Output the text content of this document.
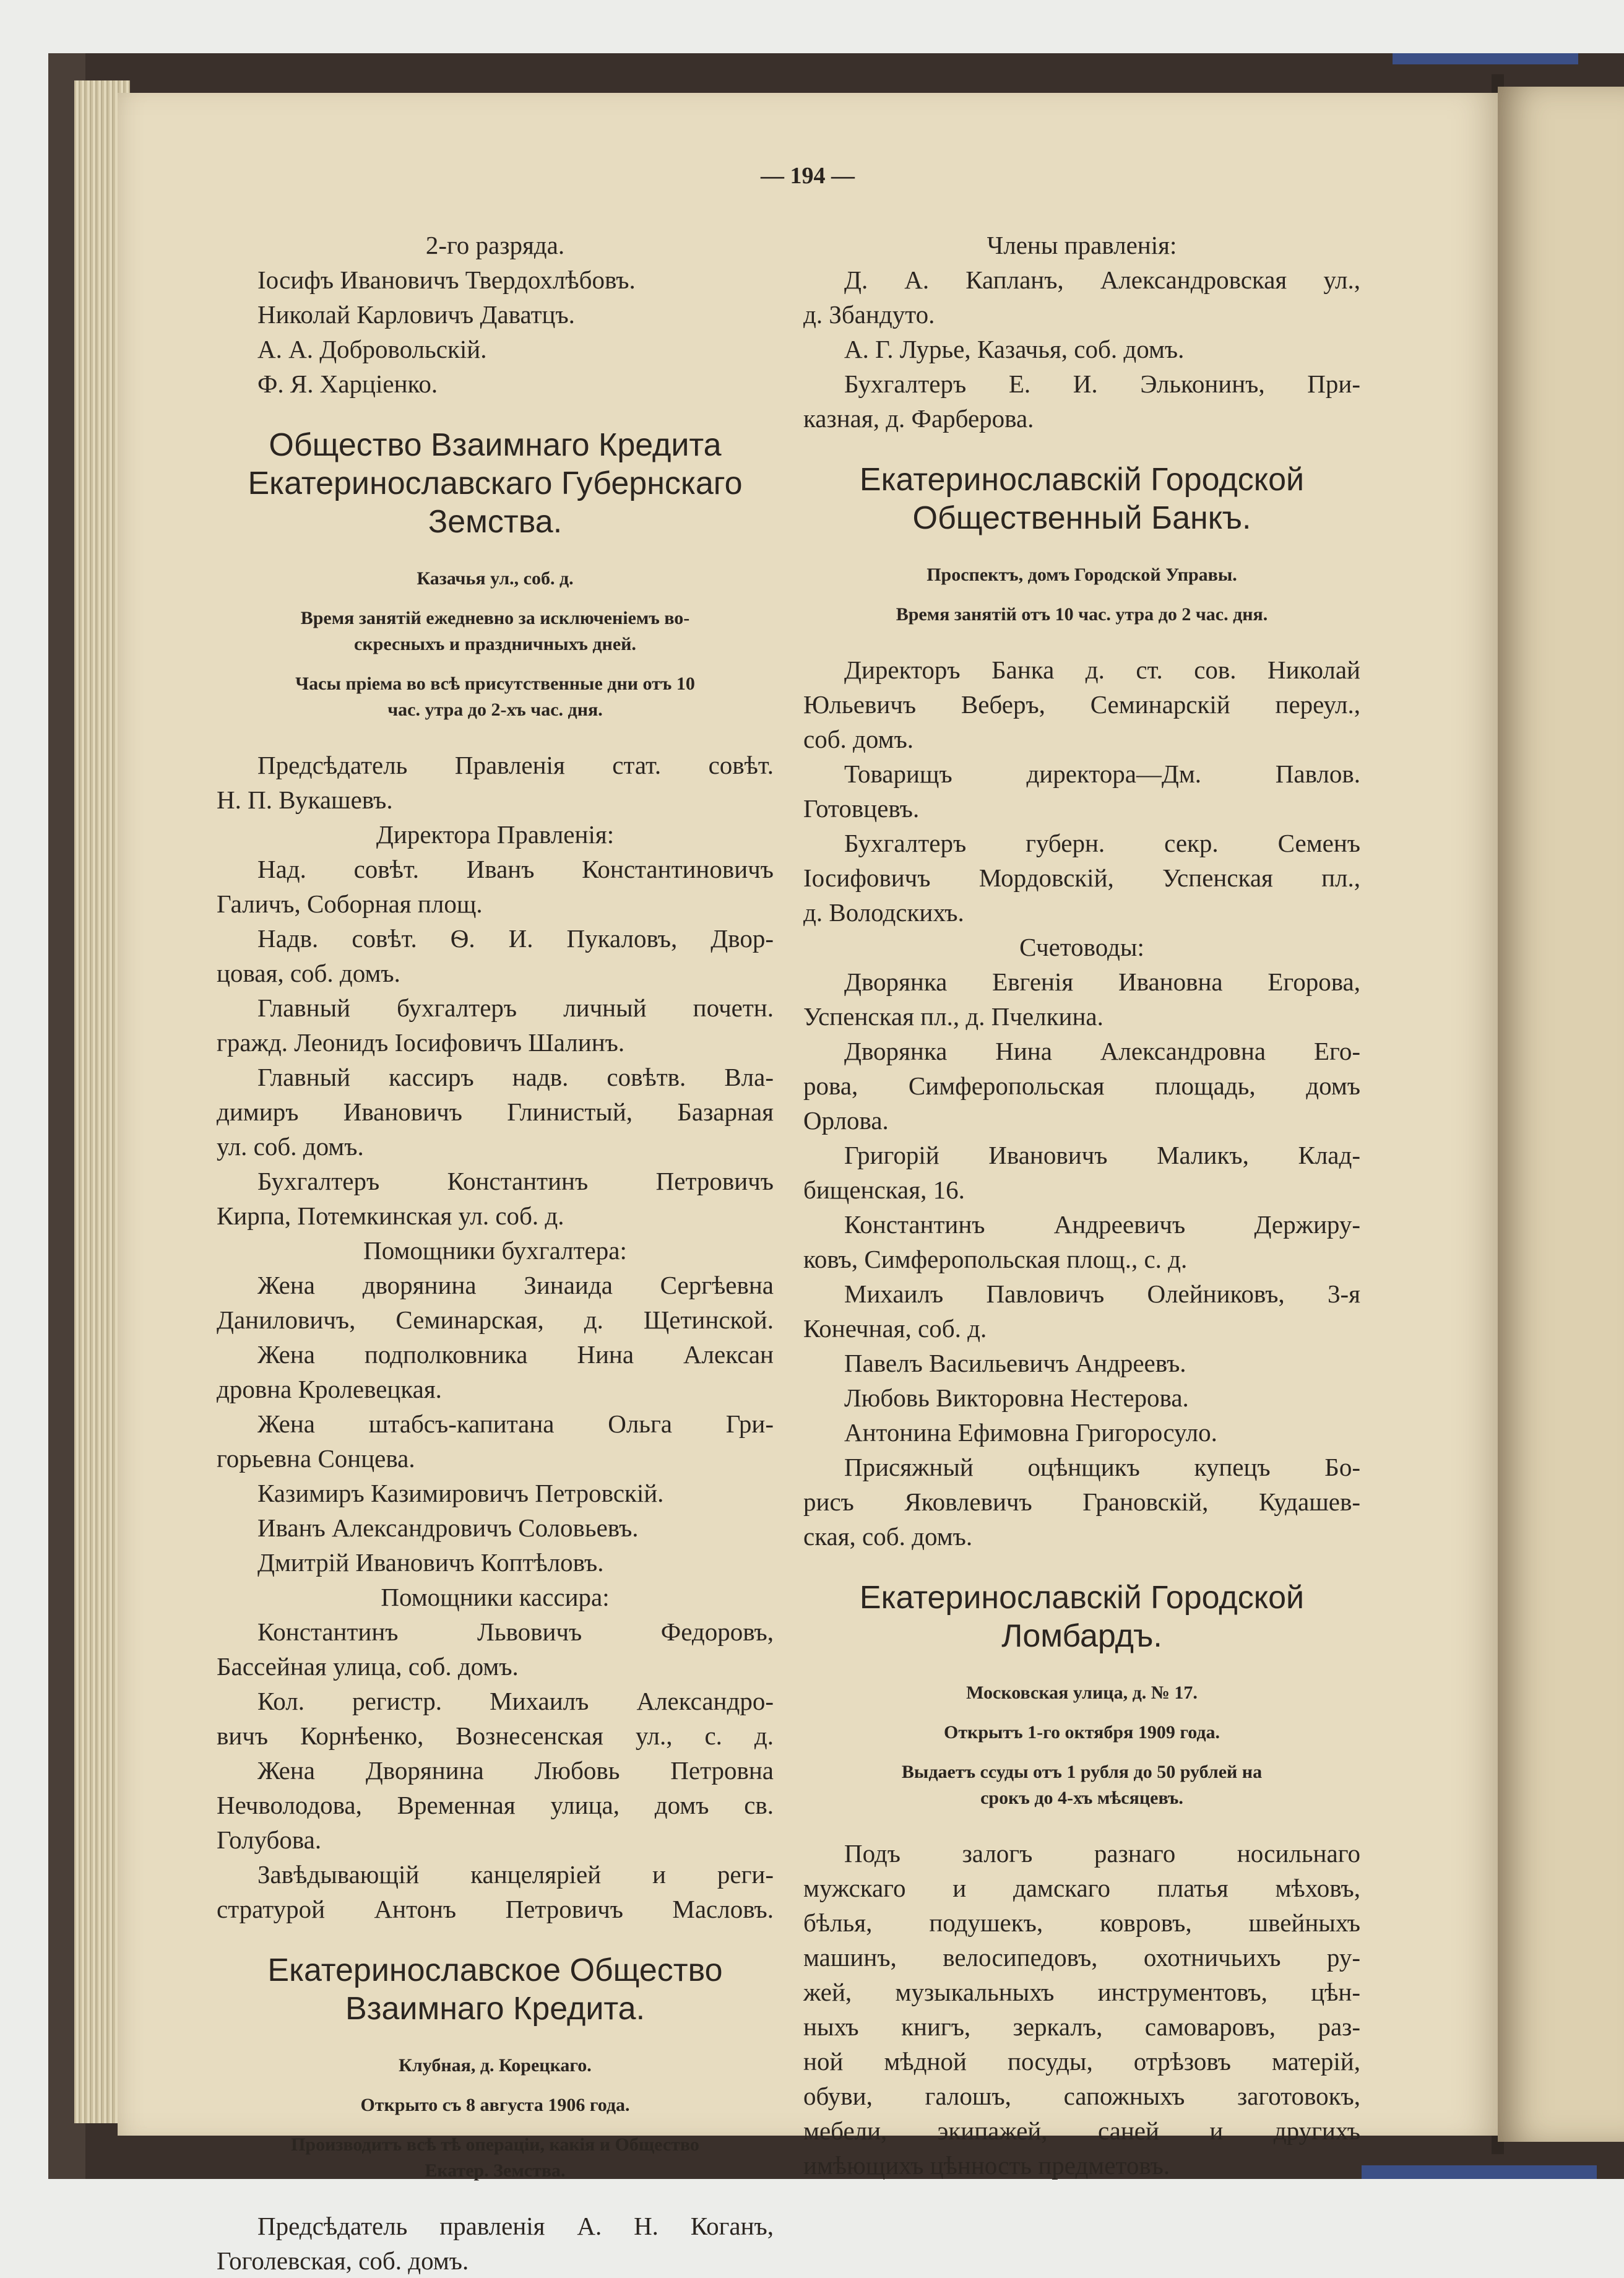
— 194 —
2-го разряда.
Іосифъ Ивановичъ Твердохлѣбовъ.
Николай Карловичъ Даватцъ.
А. А. Добровольскій.
Ф. Я. Харціенко.
Общество Взаимнаго Кредита
Екатеринославскаго Губернскаго
Земства.
Казачья ул., соб. д.
Время занятій ежедневно за исключеніемъ во-
скресныхъ и праздничныхъ дней.
Часы пріема во всѣ присутственные дни отъ 10
час. утра до 2-хъ час. дня.
Предсѣдатель Правленія стат. совѣт.
Н. П. Вукашевъ.
Директора Правленія:
Над. совѣт. Иванъ Константиновичъ
Галичъ, Соборная площ.
Надв. совѣт. Ѳ. И. Пукаловъ, Двор-
цовая, соб. домъ.
Главный бухгалтеръ личный почетн.
гражд. Леонидъ Іосифовичъ Шалинъ.
Главный кассиръ надв. совѣтв. Вла-
димиръ Ивановичъ Глинистый, Базарная
ул. соб. домъ.
Бухгалтеръ Константинъ Петровичъ
Кирпа, Потемкинская ул. соб. д.
Помощники бухгалтера:
Жена дворянина Зинаида Сергѣевна
Даниловичъ, Семинарская, д. Щетинской.
Жена подполковника Нина Алексан
дровна Кролевецкая.
Жена штабсъ-капитана Ольга Гри-
горьевна Сонцева.
Казимиръ Казимировичъ Петровскій.
Иванъ Александровичъ Соловьевъ.
Дмитрій Ивановичъ Коптѣловъ.
Помощники кассира:
Константинъ Львовичъ Федоровъ,
Бассейная улица, соб. домъ.
Кол. регистр. Михаилъ Александро-
вичъ Корнѣенко, Вознесенская ул., с. д.
Жена Дворянина Любовь Петровна
Нечволодова, Временная улица, домъ св.
Голубова.
Завѣдывающій канцеляріей и реги-
стратурой Антонъ Петровичъ Масловъ.
Екатеринославское Общество
Взаимнаго Кредита.
Клубная, д. Корецкаго.
Открыто съ 8 августа 1906 года.
Производитъ всѣ тѣ операціи, какія и Общество
Екатер. Земства.
Предсѣдатель правленія А. Н. Коганъ,
Гоголевская, соб. домъ.
Члены правленія:
Д. А. Капланъ, Александровская ул.,
д. Збандуто.
А. Г. Лурье, Казачья, соб. домъ.
Бухгалтеръ Е. И. Эльконинъ, При-
казная, д. Фарберова.
Екатеринославскій Городской
Общественный Банкъ.
Проспектъ, домъ Городской Управы.
Время занятій отъ 10 час. утра до 2 час. дня.
Директоръ Банка д. ст. сов. Николай
Юльевичъ Веберъ, Семинарскій переул.,
соб. домъ.
Товарищъ директора—Дм. Павлов.
Готовцевъ.
Бухгалтеръ губерн. секр. Семенъ
Іосифовичъ Мордовскій, Успенская пл.,
д. Володскихъ.
Счетоводы:
Дворянка Евгенія Ивановна Егорова,
Успенская пл., д. Пчелкина.
Дворянка Нина Александровна Его-
рова, Симферопольская площадь, домъ
Орлова.
Григорій Ивановичъ Маликъ, Клад-
бищенская, 16.
Константинъ Андреевичъ Держиру-
ковъ, Симферопольская площ., с. д.
Михаилъ Павловичъ Олейниковъ, 3-я
Конечная, соб. д.
Павелъ Васильевичъ Андреевъ.
Любовь Викторовна Нестерова.
Антонина Ефимовна Григоросуло.
Присяжный оцѣнщикъ купецъ Бо-
рисъ Яковлевичъ Грановскій, Кудашев-
ская, соб. домъ.
Екатеринославскій Городской
Ломбардъ.
Московская улица, д. № 17.
Открытъ 1-го октября 1909 года.
Выдаетъ ссуды отъ 1 рубля до 50 рублей на
срокъ до 4-хъ мѣсяцевъ.
Подъ залогъ разнаго носильнаго
мужскаго и дамскаго платья мѣховъ,
бѣлья, подушекъ, ковровъ, швейныхъ
машинъ, велосипедовъ, охотничьихъ ру-
жей, музыкальныхъ инструментовъ, цѣн-
ныхъ книгъ, зеркалъ, самоваровъ, раз-
ной мѣдной посуды, отрѣзовъ матерій,
обуви, галошъ, сапожныхъ заготовокъ,
мебели, экипажей, саней и другихъ
имѣющихъ цѣнность предметовъ.
